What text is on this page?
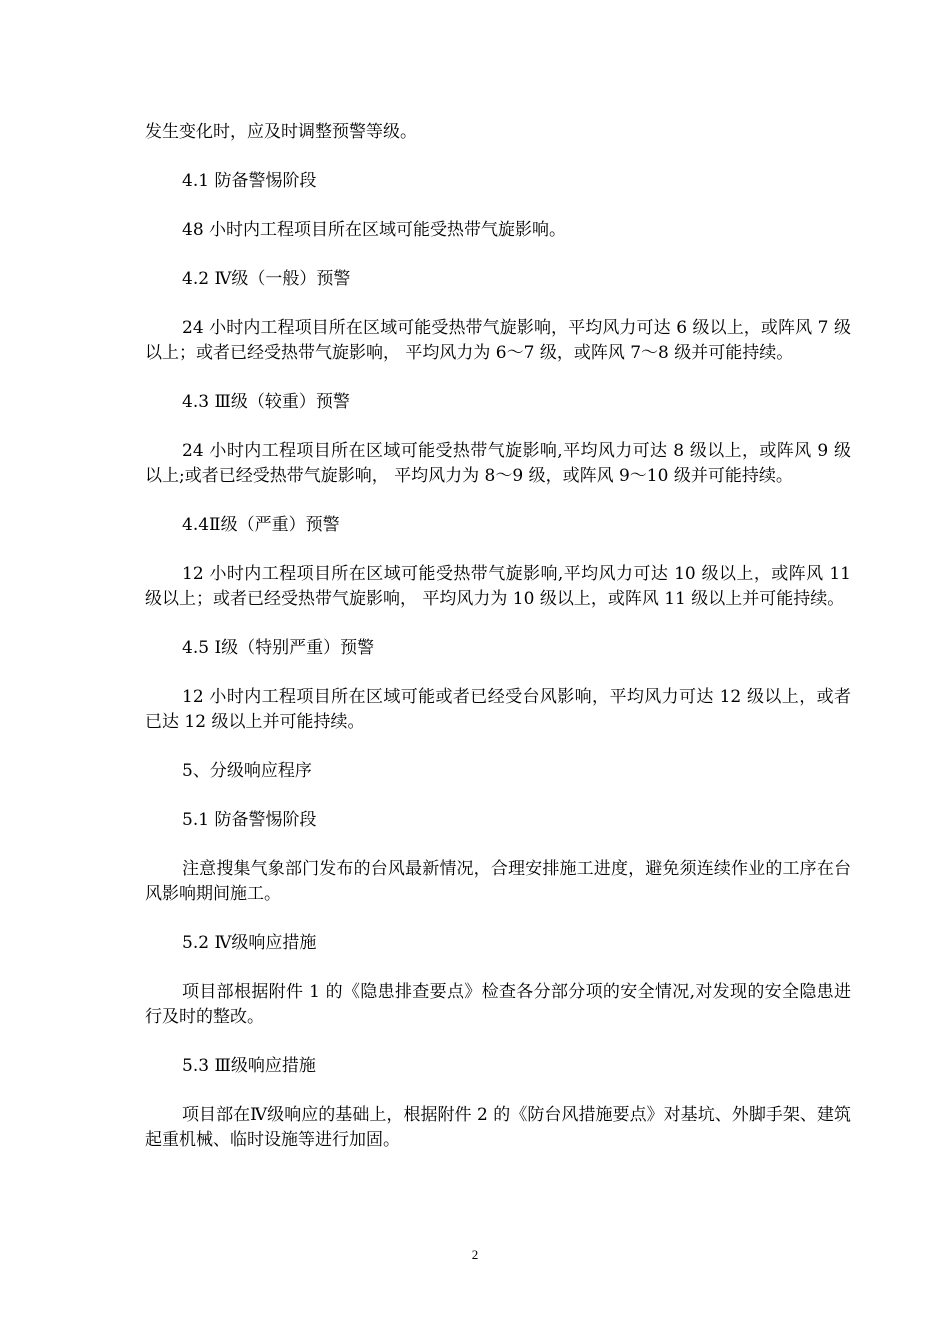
发生变化时，应及时调整预警等级。

4.1 防备警惕阶段

48 小时内工程项目所在区域可能受热带气旋影响。

4.2 Ⅳ级（一般）预警

24 小时内工程项目所在区域可能受热带气旋影响，平均风力可达 6 级以上，或阵风 7 级以上；或者已经受热带气旋影响， 平均风力为 6～7 级，或阵风 7～8 级并可能持续。

4.3 Ⅲ级（较重）预警

24 小时内工程项目所在区域可能受热带气旋影响,平均风力可达 8 级以上，或阵风 9 级以上;或者已经受热带气旋影响， 平均风力为 8～9 级，或阵风 9～10 级并可能持续。

4.4Ⅱ级（严重）预警

12 小时内工程项目所在区域可能受热带气旋影响,平均风力可达 10 级以上，或阵风 11 级以上；或者已经受热带气旋影响， 平均风力为 10 级以上，或阵风 11 级以上并可能持续。

4.5 Ⅰ级（特别严重）预警

12 小时内工程项目所在区域可能或者已经受台风影响，平均风力可达 12 级以上，或者已达 12 级以上并可能持续。

5、分级响应程序

5.1 防备警惕阶段

注意搜集气象部门发布的台风最新情况，合理安排施工进度，避免须连续作业的工序在台风影响期间施工。

5.2 Ⅳ级响应措施

项目部根据附件 1 的《隐患排查要点》检查各分部分项的安全情况,对发现的安全隐患进行及时的整改。

5.3 Ⅲ级响应措施

项目部在Ⅳ级响应的基础上，根据附件 2 的《防台风措施要点》对基坑、外脚手架、建筑起重机械、临时设施等进行加固。

2
